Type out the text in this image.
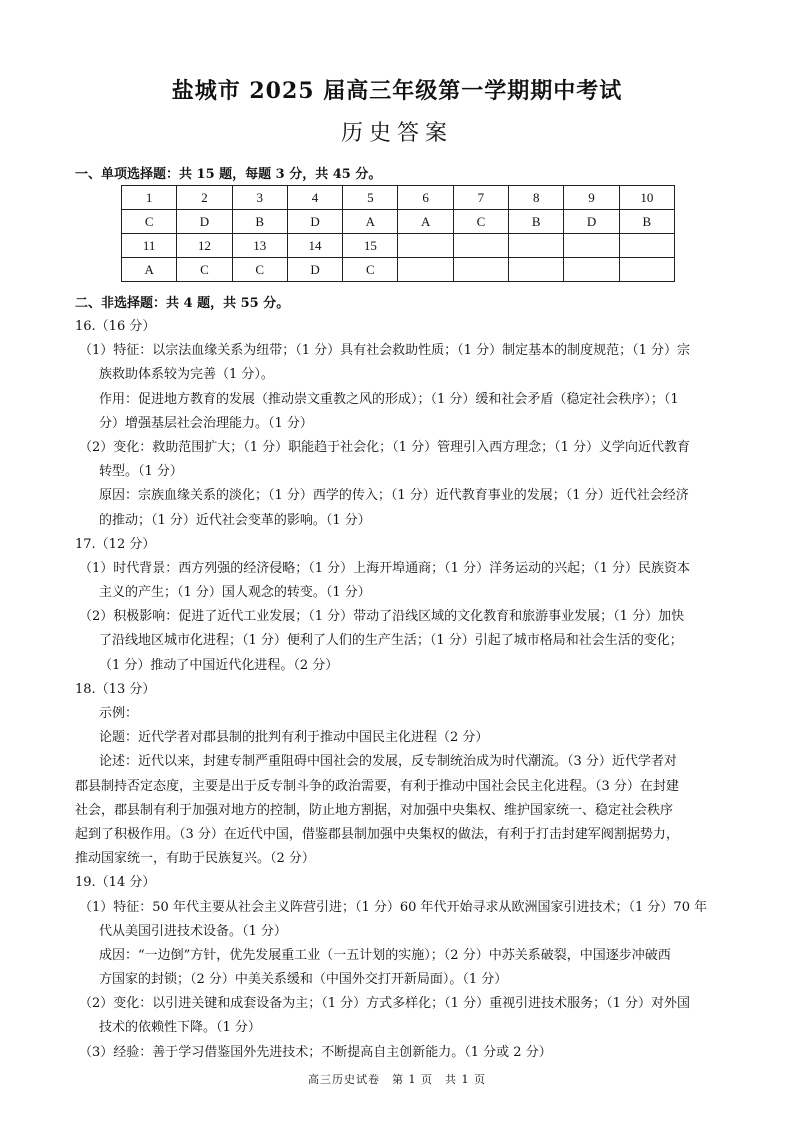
盐城市 2025 届高三年级第一学期期中考试
历史答案
一、单项选择题：共 15 题，每题 3 分，共 45 分。
1	2	3	4	5	6	7	8	9	10
C	D	B	D	A	A	C	B	D	B
11	12	13	14	15					
A	C	C	D	C					
二、非选择题：共 4 题，共 55 分。
16.（16 分）
（1）特征：以宗法血缘关系为纽带；（1 分）具有社会救助性质；（1 分）制定基本的制度规范；（1 分）宗
族救助体系较为完善（1 分）。
作用：促进地方教育的发展（推动崇文重教之风的形成）；（1 分）缓和社会矛盾（稳定社会秩序）；（1
分）增强基层社会治理能力。（1 分）
（2）变化：救助范围扩大；（1 分）职能趋于社会化；（1 分）管理引入西方理念；（1 分）义学向近代教育
转型。（1 分）
原因：宗族血缘关系的淡化；（1 分）西学的传入；（1 分）近代教育事业的发展；（1 分）近代社会经济
的推动；（1 分）近代社会变革的影响。（1 分）
17.（12 分）
（1）时代背景：西方列强的经济侵略；（1 分）上海开埠通商；（1 分）洋务运动的兴起；（1 分）民族资本
主义的产生；（1 分）国人观念的转变。（1 分）
（2）积极影响：促进了近代工业发展；（1 分）带动了沿线区域的文化教育和旅游事业发展；（1 分）加快
了沿线地区城市化进程；（1 分）便利了人们的生产生活；（1 分）引起了城市格局和社会生活的变化；
（1 分）推动了中国近代化进程。（2 分）
18.（13 分）
示例：
论题：近代学者对郡县制的批判有利于推动中国民主化进程（2 分）
论述：近代以来，封建专制严重阻碍中国社会的发展，反专制统治成为时代潮流。（3 分）近代学者对
郡县制持否定态度，主要是出于反专制斗争的政治需要，有利于推动中国社会民主化进程。（3 分）在封建
社会，郡县制有利于加强对地方的控制，防止地方割据，对加强中央集权、维护国家统一、稳定社会秩序
起到了积极作用。（3 分）在近代中国，借鉴郡县制加强中央集权的做法，有利于打击封建军阀割据势力，
推动国家统一，有助于民族复兴。（2 分）
19.（14 分）
（1）特征：50 年代主要从社会主义阵营引进；（1 分）60 年代开始寻求从欧洲国家引进技术；（1 分）70 年
代从美国引进技术设备。（1 分）
成因：“一边倒”方针，优先发展重工业（一五计划的实施）；（2 分）中苏关系破裂，中国逐步冲破西
方国家的封锁；（2 分）中美关系缓和（中国外交打开新局面）。（1 分）
（2）变化：以引进关键和成套设备为主；（1 分）方式多样化；（1 分）重视引进技术服务；（1 分）对外国
技术的依赖性下降。（1 分）
（3）经验：善于学习借鉴国外先进技术；不断提高自主创新能力。（1 分或 2 分）
高三历史试卷　第 1 页　共 1 页
